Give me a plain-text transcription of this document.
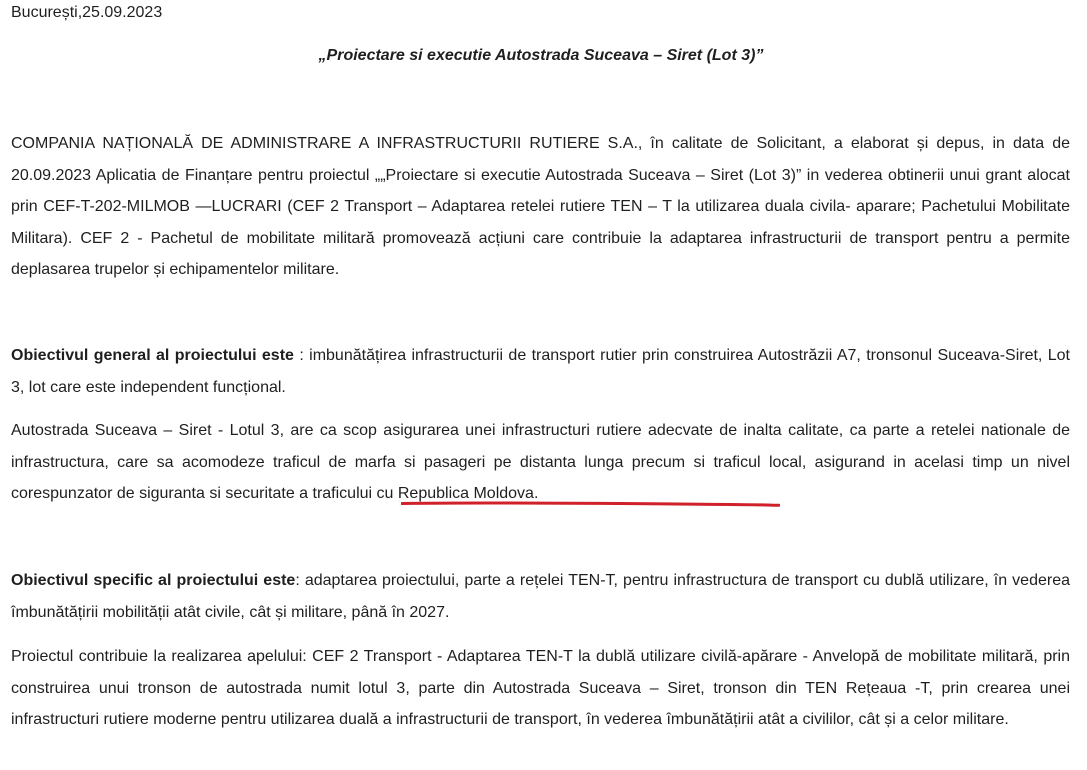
București,25.09.2023
„Proiectare si executie Autostrada Suceava – Siret (Lot 3)”

COMPANIA NAȚIONALĂ DE ADMINISTRARE A INFRASTRUCTURII RUTIERE S.A., în calitate de Solicitant, a elaborat și depus, in data de 20.09.2023 Aplicatia de Finanțare pentru proiectul „„Proiectare si executie Autostrada Suceava – Siret (Lot 3)” in vederea obtinerii unui grant alocat prin CEF-T-202-MILMOB —LUCRARI (CEF 2 Transport – Adaptarea retelei rutiere TEN – T la utilizarea duala civila- aparare; Pachetului Mobilitate Militara). CEF 2 - Pachetul de mobilitate militară promovează acțiuni care contribuie la adaptarea infrastructurii de transport pentru a permite deplasarea trupelor și echipamentelor militare.

Obiectivul general al proiectului este : imbunătățirea infrastructurii de transport rutier prin construirea Autostrăzii A7, tronsonul Suceava-Siret, Lot 3, lot care este independent funcțional.

Autostrada Suceava – Siret - Lotul 3, are ca scop asigurarea unei infrastructuri rutiere adecvate de inalta calitate, ca parte a retelei nationale de infrastructura, care sa acomodeze traficul de marfa si pasageri pe distanta lunga precum si traficul local, asigurand in acelasi timp un nivel corespunzator de siguranta si securitate a traficului cu Republica Moldova.

Obiectivul specific al proiectului este: adaptarea proiectului, parte a rețelei TEN-T, pentru infrastructura de transport cu dublă utilizare, în vederea îmbunătățirii mobilității atât civile, cât și militare, până în 2027.

Proiectul contribuie la realizarea apelului: CEF 2 Transport - Adaptarea TEN-T la dublă utilizare civilă-apărare - Anvelopă de mobilitate militară, prin construirea unui tronson de autostrada numit lotul 3, parte din Autostrada Suceava – Siret, tronson din TEN Rețeaua -T, prin crearea unei infrastructuri rutiere moderne pentru utilizarea duală a infrastructurii de transport, în vederea îmbunătățirii atât a civililor, cât și a celor militare.
